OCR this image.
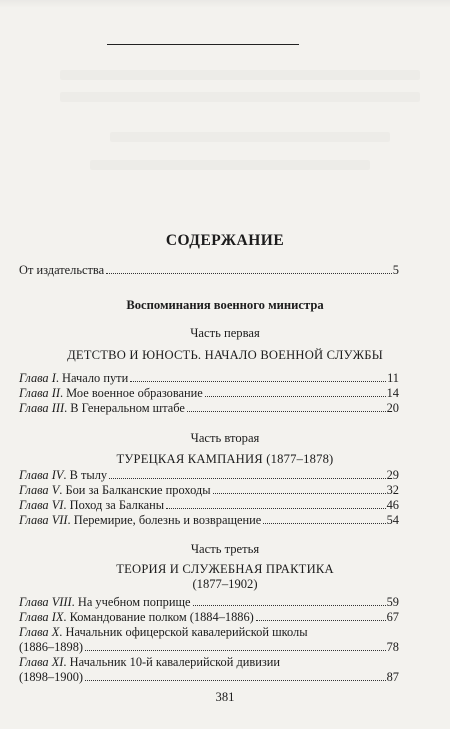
СОДЕРЖАНИЕ
От издательства	5
Воспоминания военного министра
Часть первая
ДЕТСТВО И ЮНОСТЬ. НАЧАЛО ВОЕННОЙ СЛУЖБЫ
Глава I. Начало пути	11
Глава II. Мое военное образование	14
Глава III. В Генеральном штабе	20
Часть вторая
ТУРЕЦКАЯ КАМПАНИЯ (1877–1878)
Глава IV. В тылу	29
Глава V. Бои за Балканские проходы	32
Глава VI. Поход за Балканы	46
Глава VII. Перемирие, болезнь и возвращение	54
Часть третья
ТЕОРИЯ И СЛУЖЕБНАЯ ПРАКТИКА
(1877–1902)
Глава VIII. На учебном поприще	59
Глава IX. Командование полком (1884–1886)	67
Глава X. Начальник офицерской кавалерийской школы
(1886–1898)	78
Глава XI. Начальник 10-й кавалерийской дивизии
(1898–1900)	87
381
